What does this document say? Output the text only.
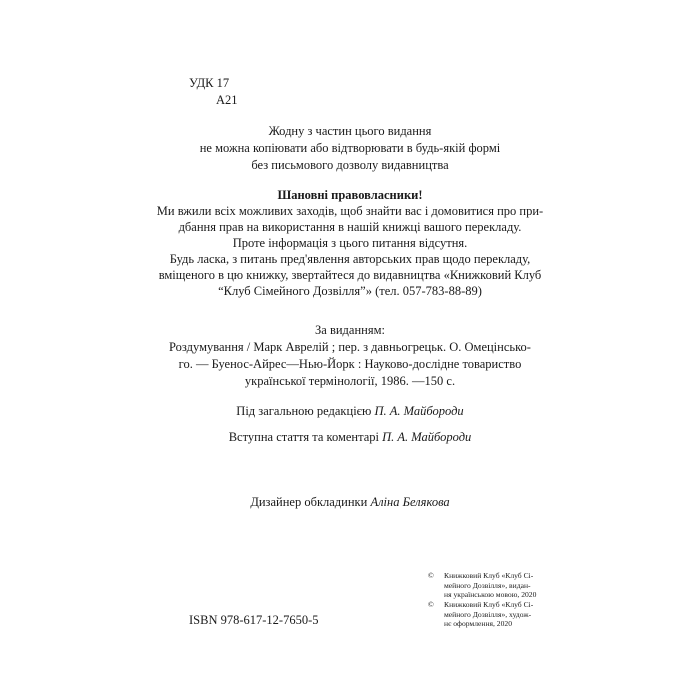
УДК 17
А21
Жодну з частин цього видання
не можна копіювати або відтворювати в будь-якій формі
без письмового дозволу видавництва
Шановні правовласники!
Ми вжили всіх можливих заходів, щоб знайти вас і домовитися про при-
дбання прав на використання в нашій книжці вашого перекладу.
Проте інформація з цього питання відсутня.
Будь ласка, з питань пред'явлення авторських прав щодо перекладу,
вміщеного в цю книжку, звертайтеся до видавництва «Книжковий Клуб
“Клуб Сімейного Дозвілля”» (тел. 057-783-88-89)
За виданням:
Роздумування / Марк Аврелій ; пер. з давньогрецьк. О. Омецінсько-
го. — Буенос-Айрес—Нью-Йорк : Науково-дослідне товариство
української термінології, 1986. —150 с.
Під загальною редакцією П. А. Майбороди
Вступна стаття та коментарі П. А. Майбороди
Дизайнер обкладинки Аліна Белякова
ISBN 978-617-12-7650-5
© Книжковий Клуб «Клуб Сі-
мейного Дозвілля», видан-
ня українською мовою, 2020
© Книжковий Клуб «Клуб Сі-
мейного Дозвілля», худож-
нє оформлення, 2020
